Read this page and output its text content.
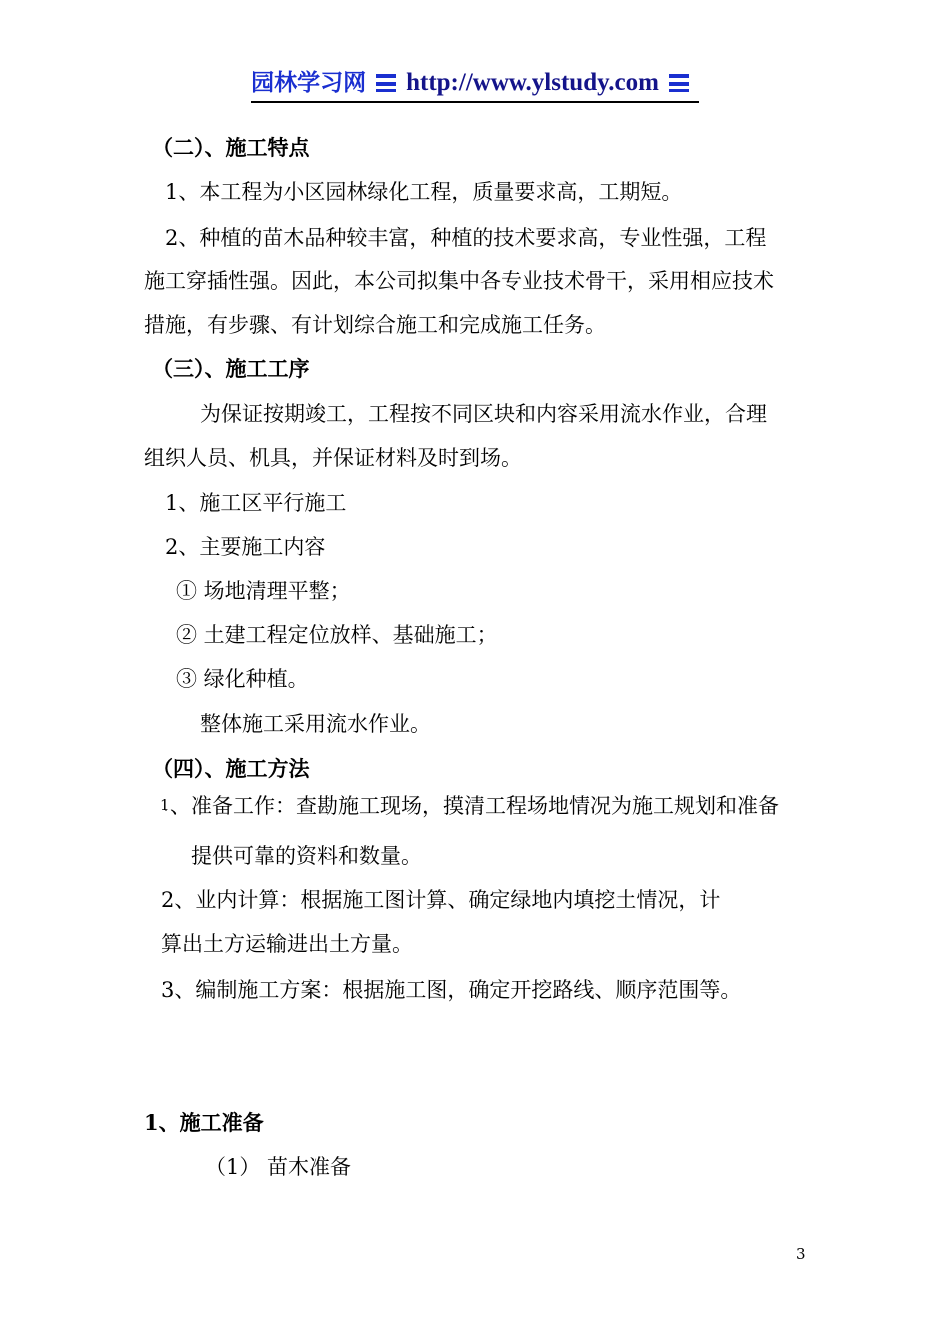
园林学习网 http://www.ylstudy.com
（二）、施工特点
1、本工程为小区园林绿化工程，质量要求高，工期短。
2、种植的苗木品种较丰富，种植的技术要求高，专业性强，工程
施工穿插性强。因此，本公司拟集中各专业技术骨干，采用相应技术
措施，有步骤、有计划综合施工和完成施工任务。
（三）、施工工序
为保证按期竣工，工程按不同区块和内容采用流水作业，合理
组织人员、机具，并保证材料及时到场。
1、施工区平行施工
2、主要施工内容
① 场地清理平整；
② 土建工程定位放样、基础施工；
③ 绿化种植。
整体施工采用流水作业。
（四）、施工方法
1
˙˙
、准备工作：查勘施工现场，摸清工程场地情况为施工规划和准备
提供可靠的资料和数量。
2、业内计算：根据施工图计算、确定绿地内填挖土情况，计
算出土方运输进出土方量。
3、编制施工方案：根据施工图，确定开挖路线、顺序范围等。
1、施工准备
（1） 苗木准备
3
